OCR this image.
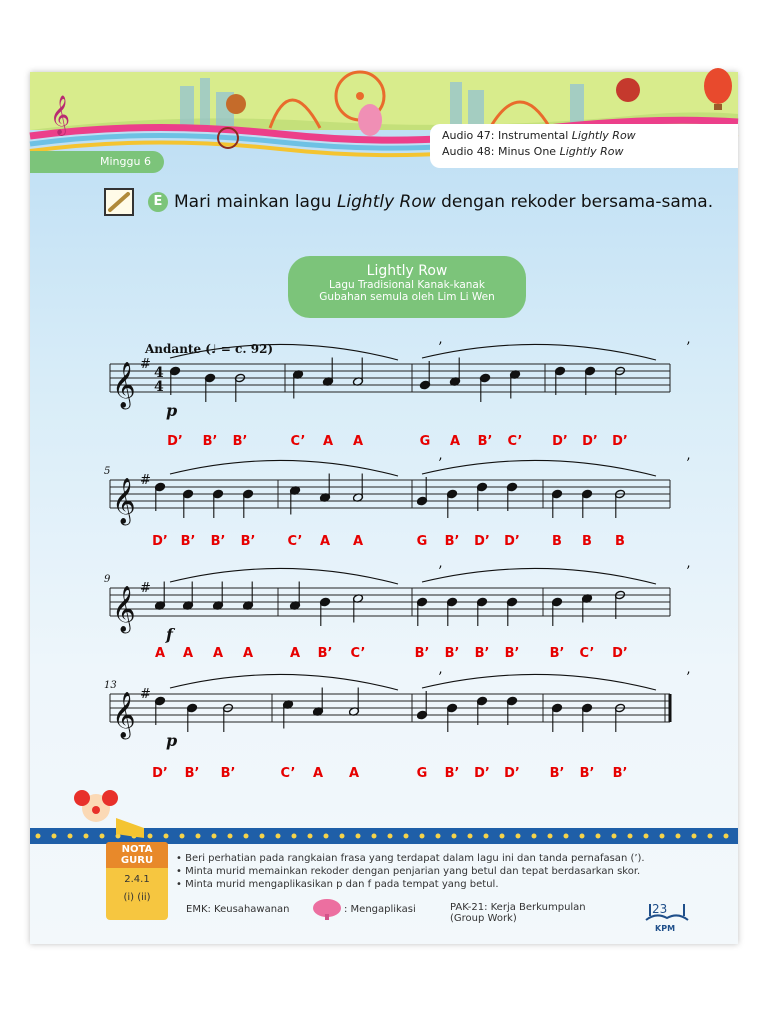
𝄞
Minggu 6
Audio 47: Instrumental Lightly Row
Audio 48: Minus One Lightly Row
E Mari mainkan lagu Lightly Row dengan rekoder bersama-sama.
Lightly Row
Lagu Tradisional Kanak-kanak
Gubahan semula oleh Lim Li Wen
Andante (♩ = c. 92)
𝄞 #
4
4
p
’	’
𝄞 #
5	’	’
𝄞 #
9
f
’	’
𝄞 #
13
p
’	’
D’ B’ B’	C’ A A	G A B’ C’ D’ D’ D’
D’ B’ B’ B’ C’ A A	G B’ D’ D’ B B B
A A A A	A B’ C’	B’ B’ B’ B’ B’ C’ D’
D’ B’ B’	C’ A A	G B’ D’ D’ B’ B’ B’
NOTA GURU
2.4.1
(i) (ii)
• Beri perhatian pada rangkaian frasa yang terdapat dalam lagu ini dan tanda pernafasan (’).
• Minta murid memainkan rekoder dengan penjarian yang betul dan tepat berdasarkan skor.
• Minta murid mengaplikasikan p dan f pada tempat yang betul.
EMK: Keusahawanan	: Mengaplikasi	PAK-21: Kerja Berkumpulan
(Group Work)
23
KPM
